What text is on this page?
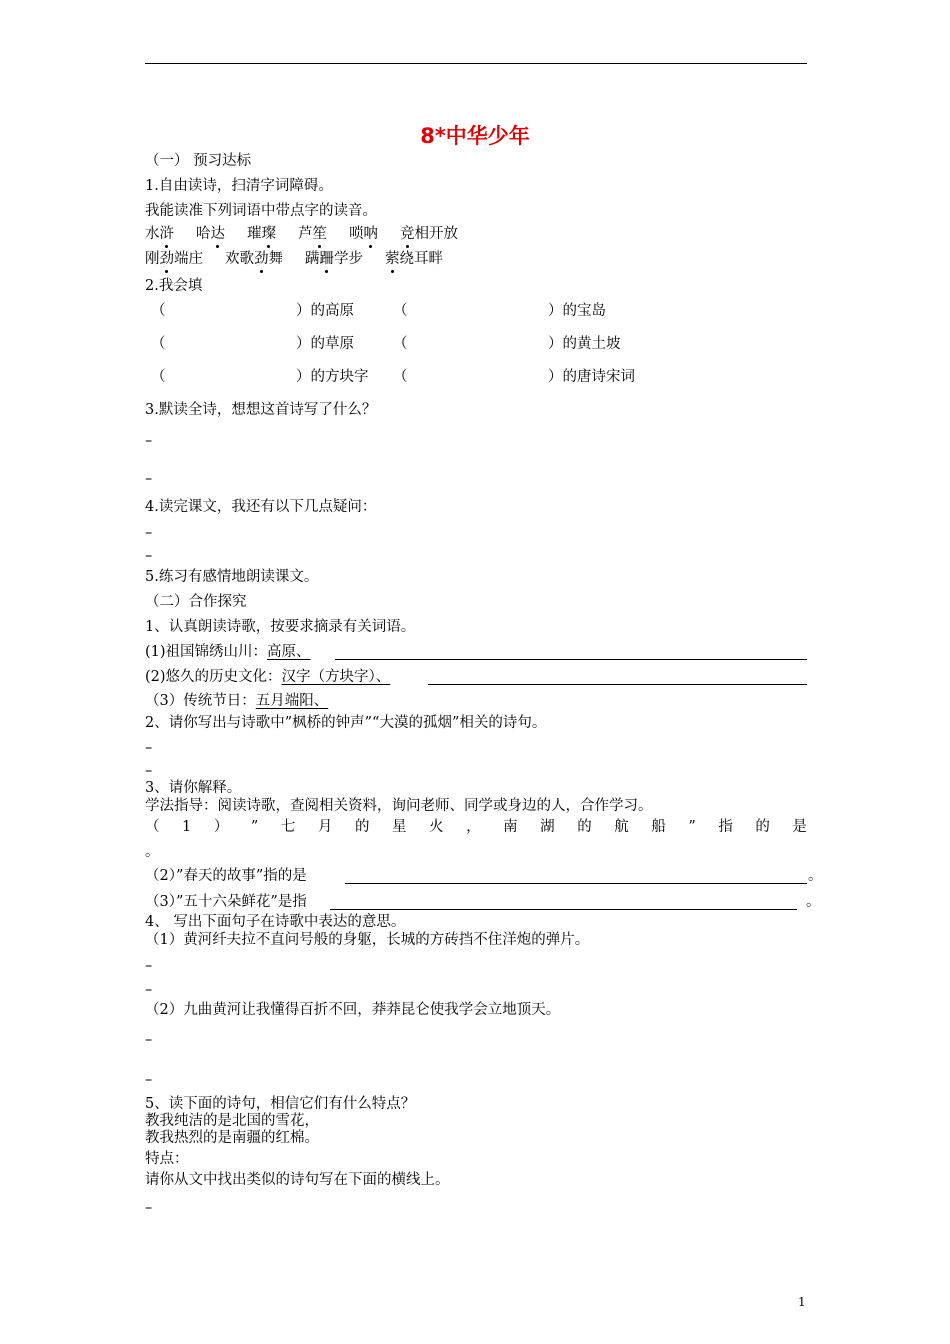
8*中华少年
（一） 预习达标
1.自由读诗，扫清字词障碍。
我能读准下列词语中带点字的读音。
水浒 哈达 璀璨 芦笙 唢呐 竞相开放
刚劲端庄 欢歌劲舞 蹒跚学步 萦绕耳畔
2.我会填
（	）的高原	（	）的宝岛
（	）的草原	（	）的黄土坡
（	）的方块字 （	）的唐诗宋词
3.默读全诗，想想这首诗写了什么？
–
–
4.读完课文，我还有以下几点疑问：
–
–
5.练习有感情地朗读课文。
（二）合作探究
1、认真朗读诗歌，按要求摘录有关词语。
(1)祖国锦绣山川：高原、
(2)悠久的历史文化：汉字（方块字）、
（3）传统节日：五月端阳、
2、请你写出与诗歌中”枫桥的钟声”“大漠的孤烟”相关的诗句。
–
–
3、请你解释。
学法指导：阅读诗歌，查阅相关资料，询问老师、同学或身边的人，合作学习。
（ 1 ） ” 七 月 的 星 火 ， 南 湖 的 航 船 ” 指 的 是
。
（2）”春天的故事”指的是	。
（3）”五十六朵鲜花”是指	。
4、 写出下面句子在诗歌中表达的意思。
（1）黄河纤夫拉不直问号般的身躯，长城的方砖挡不住洋炮的弹片。
–
–
（2）九曲黄河让我懂得百折不回，莽莽昆仑使我学会立地顶天。
–
–
5、读下面的诗句，相信它们有什么特点？
教我纯洁的是北国的雪花，
教我热烈的是南疆的红棉。
特点：
请你从文中找出类似的诗句写在下面的横线上。
–
1
